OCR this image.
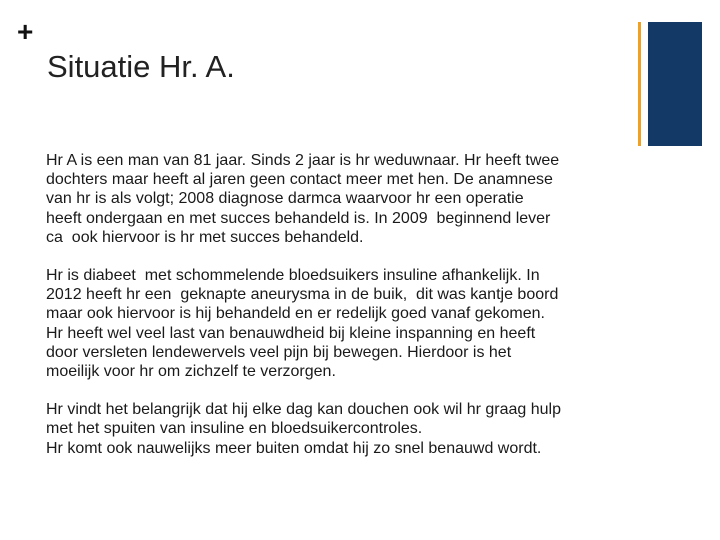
+
Situatie Hr. A.

Hr A is een man van 81 jaar. Sinds 2 jaar is hr weduwnaar. Hr heeft twee
dochters maar heeft al jaren geen contact meer met hen. De anamnese
van hr is als volgt; 2008 diagnose darmca waarvoor hr een operatie
heeft ondergaan en met succes behandeld is. In 2009  beginnend lever
ca  ook hiervoor is hr met succes behandeld.

Hr is diabeet  met schommelende bloedsuikers insuline afhankelijk. In
2012 heeft hr een  geknapte aneurysma in de buik,  dit was kantje boord
maar ook hiervoor is hij behandeld en er redelijk goed vanaf gekomen.
Hr heeft wel veel last van benauwdheid bij kleine inspanning en heeft
door versleten lendewervels veel pijn bij bewegen. Hierdoor is het
moeilijk voor hr om zichzelf te verzorgen.

Hr vindt het belangrijk dat hij elke dag kan douchen ook wil hr graag hulp
met het spuiten van insuline en bloedsuikercontroles.
Hr komt ook nauwelijks meer buiten omdat hij zo snel benauwd wordt.
